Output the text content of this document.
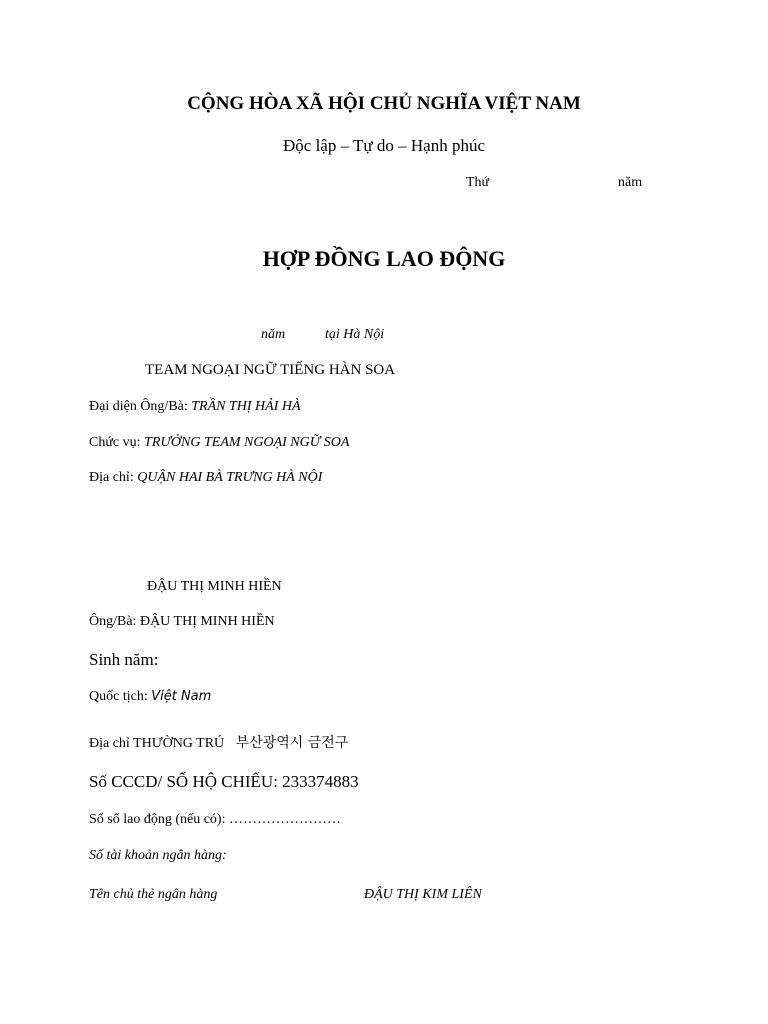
CỘNG HÒA XÃ HỘI CHỦ NGHĨA VIỆT NAM
Độc lập – Tự do – Hạnh phúc
Thứ	năm
HỢP ĐỒNG LAO ĐỘNG
năm	tại Hà Nội
TEAM NGOẠI NGỮ TIẾNG HÀN SOA
Đại diện Ông/Bà: TRẦN THỊ HẢI HÀ
Chức vụ: TRƯỞNG TEAM NGOẠI NGỮ SOA
Địa chỉ: QUẬN HAI BÀ TRƯNG HÀ NỘI
ĐẬU THỊ MINH HIỀN
Ông/Bà: ĐẬU THỊ MINH HIỀN
Sinh năm:
Quốc tịch: Việt Nam
Địa chỉ THƯỜNG TRÚ 부산광역시 금전구
Số CCCD/ SỐ HỘ CHIẾU: 233374883
Số sổ lao động (nếu có): ……………………
Số tài khoản ngân hàng:
Tên chủ thẻ ngân hàng	ĐẬU THỊ KIM LIÊN
